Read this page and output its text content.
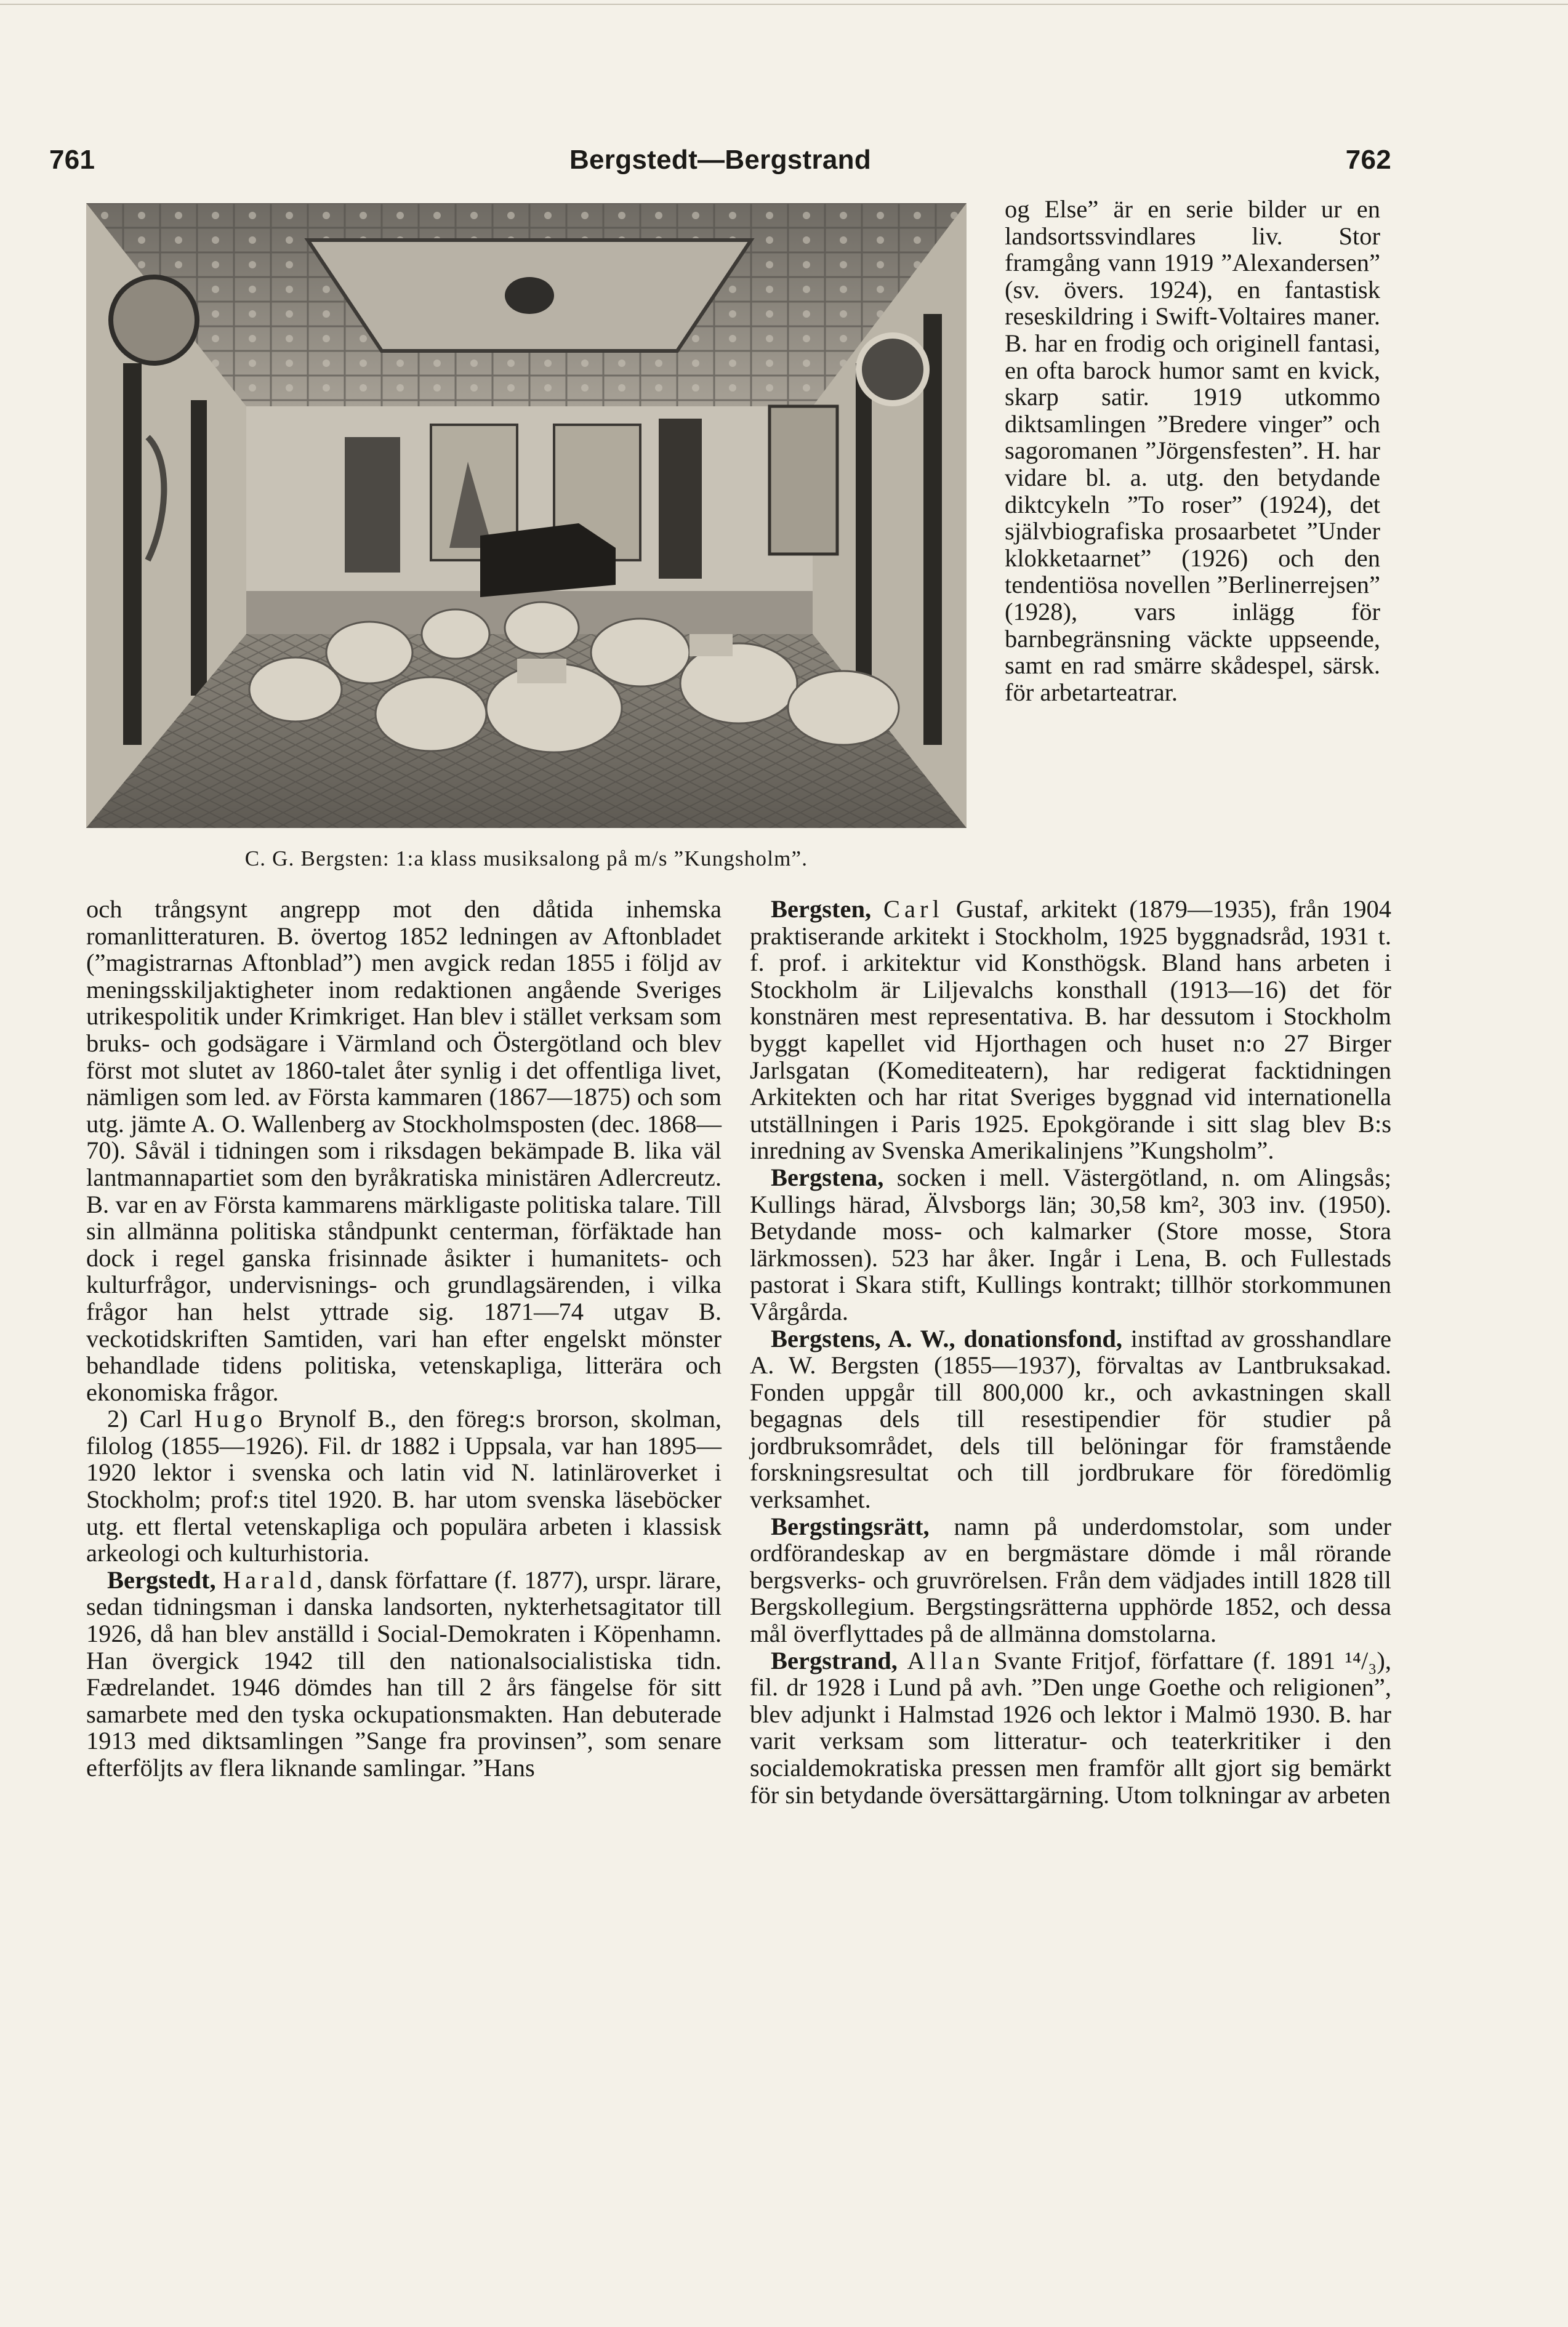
761	Bergstedt—Bergstrand	762
C. G. Bergsten: 1:a klass musiksalong på m/s ”Kungsholm”.

og Else” är en serie bilder ur en landsortssvindlares liv. Stor framgång vann 1919 ”Alexandersen” (sv. övers. 1924), en fantastisk reseskildring i Swift-Voltaires maner. B. har en frodig och originell fantasi, en ofta barock humor samt en kvick, skarp satir. 1919 utkommo diktsamlingen ”Bredere vinger” och sagoromanen ”Jörgensfesten”. H. har vidare bl. a. utg. den betydande diktcykeln ”To roser” (1924), det självbiografiska prosaarbetet ”Under klokketaarnet” (1926) och den tendentiösa novellen ”Berlinerrejsen” (1928), vars inlägg för barnbegränsning väckte uppseende, samt en rad smärre skådespel, särsk. för arbetarteatrar.

och trångsynt angrepp mot den dåtida inhemska romanlitteraturen. B. övertog 1852 ledningen av Aftonbladet (”magistrarnas Aftonblad”) men avgick redan 1855 i följd av meningsskiljaktigheter inom redaktionen angående Sveriges utrikespolitik under Krimkriget. Han blev i stället verksam som bruks- och godsägare i Värmland och Östergötland och blev först mot slutet av 1860-talet åter synlig i det offentliga livet, nämligen som led. av Första kammaren (1867—1875) och som utg. jämte A. O. Wallenberg av Stockholmsposten (dec. 1868—70). Såväl i tidningen som i riksdagen bekämpade B. lika väl lantmannapartiet som den byråkratiska ministären Adlercreutz. B. var en av Första kammarens märkligaste politiska talare. Till sin allmänna politiska ståndpunkt centerman, förfäktade han dock i regel ganska frisinnade åsikter i humanitets- och kulturfrågor, undervisnings- och grundlagsärenden, i vilka frågor han helst yttrade sig. 1871—74 utgav B. veckotidskriften Samtiden, vari han efter engelskt mönster behandlade tidens politiska, vetenskapliga, litterära och ekonomiska frågor.

2) Carl Hugo Brynolf B., den föreg:s brorson, skolman, filolog (1855—1926). Fil. dr 1882 i Uppsala, var han 1895—1920 lektor i svenska och latin vid N. latinläroverket i Stockholm; prof:s titel 1920. B. har utom svenska läseböcker utg. ett flertal vetenskapliga och populära arbeten i klassisk arkeologi och kulturhistoria.

Bergstedt, Harald, dansk författare (f. 1877), urspr. lärare, sedan tidningsman i danska landsorten, nykterhetsagitator till 1926, då han blev anställd i Social-Demokraten i Köpenhamn. Han övergick 1942 till den nationalsocialistiska tidn. Fædrelandet. 1946 dömdes han till 2 års fängelse för sitt samarbete med den tyska ockupationsmakten. Han debuterade 1913 med diktsamlingen ”Sange fra provinsen”, som senare efterföljts av flera liknande samlingar. ”Hans

Bergsten, Carl Gustaf, arkitekt (1879—1935), från 1904 praktiserande arkitekt i Stockholm, 1925 byggnadsråd, 1931 t. f. prof. i arkitektur vid Konsthögsk. Bland hans arbeten i Stockholm är Liljevalchs konsthall (1913—16) det för konstnären mest representativa. B. har dessutom i Stockholm byggt kapellet vid Hjorthagen och huset n:o 27 Birger Jarlsgatan (Komediteatern), har redigerat facktidningen Arkitekten och har ritat Sveriges byggnad vid internationella utställningen i Paris 1925. Epokgörande i sitt slag blev B:s inredning av Svenska Amerikalinjens ”Kungsholm”.

Bergstena, socken i mell. Västergötland, n. om Alingsås; Kullings härad, Älvsborgs län; 30,58 km², 303 inv. (1950). Betydande moss- och kalmarker (Store mosse, Stora lärkmossen). 523 har åker. Ingår i Lena, B. och Fullestads pastorat i Skara stift, Kullings kontrakt; tillhör storkommunen Vårgårda.

Bergstens, A. W., donationsfond, instiftad av grosshandlare A. W. Bergsten (1855—1937), förvaltas av Lantbruksakad. Fonden uppgår till 800,000 kr., och avkastningen skall begagnas dels till resestipendier för studier på jordbruksområdet, dels till belöningar för framstående forskningsresultat och till jordbrukare för föredömlig verksamhet.

Bergstingsrätt, namn på underdomstolar, som under ordförandeskap av en bergmästare dömde i mål rörande bergsverks- och gruvrörelsen. Från dem vädjades intill 1828 till Bergskollegium. Bergstingsrätterna upphörde 1852, och dessa mål överflyttades på de allmänna domstolarna.

Bergstrand, Allan Svante Fritjof, författare (f. 1891 ¹⁴/₃), fil. dr 1928 i Lund på avh. ”Den unge Goethe och religionen”, blev adjunkt i Halmstad 1926 och lektor i Malmö 1930. B. har varit verksam som litteratur- och teaterkritiker i den socialdemokratiska pressen men framför allt gjort sig bemärkt för sin betydande översättargärning. Utom tolkningar av arbeten
